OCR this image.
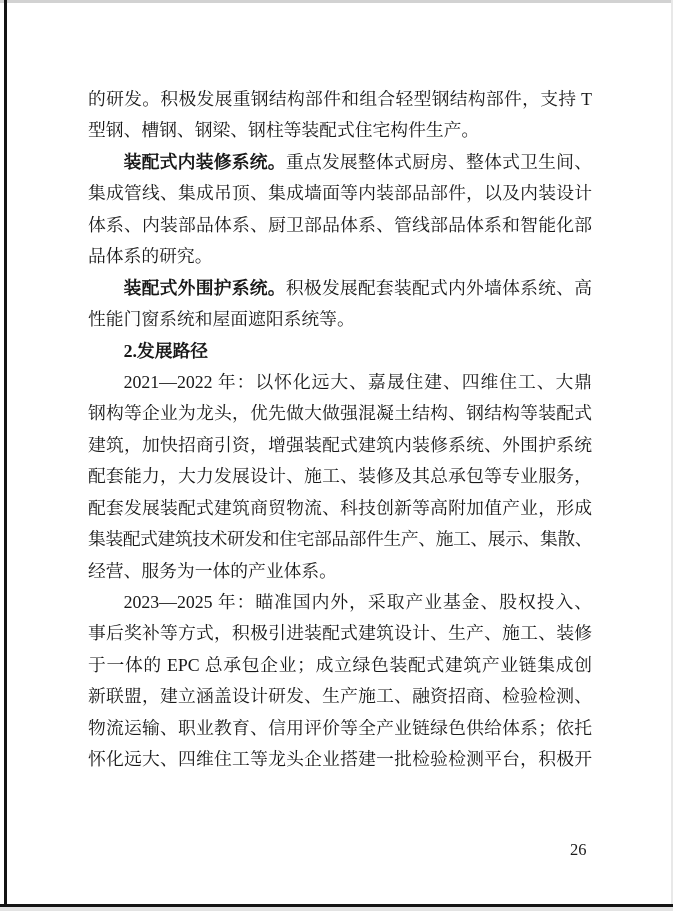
的研发。积极发展重钢结构部件和组合轻型钢结构部件，支持 T
型钢、槽钢、钢梁、钢柱等装配式住宅构件生产。
装配式内装修系统。重点发展整体式厨房、整体式卫生间、
集成管线、集成吊顶、集成墙面等内装部品部件，以及内装设计
体系、内装部品体系、厨卫部品体系、管线部品体系和智能化部
品体系的研究。
装配式外围护系统。积极发展配套装配式内外墙体系统、高
性能门窗系统和屋面遮阳系统等。
2.发展路径
2021—2022 年：以怀化远大、嘉晟住建、四维住工、大鼎
钢构等企业为龙头，优先做大做强混凝土结构、钢结构等装配式
建筑，加快招商引资，增强装配式建筑内装修系统、外围护系统
配套能力，大力发展设计、施工、装修及其总承包等专业服务，
配套发展装配式建筑商贸物流、科技创新等高附加值产业，形成
集装配式建筑技术研发和住宅部品部件生产、施工、展示、集散、
经营、服务为一体的产业体系。
2023—2025 年：瞄准国内外，采取产业基金、股权投入、
事后奖补等方式，积极引进装配式建筑设计、生产、施工、装修
于一体的 EPC 总承包企业；成立绿色装配式建筑产业链集成创
新联盟，建立涵盖设计研发、生产施工、融资招商、检验检测、
物流运输、职业教育、信用评价等全产业链绿色供给体系；依托
怀化远大、四维住工等龙头企业搭建一批检验检测平台，积极开
26
